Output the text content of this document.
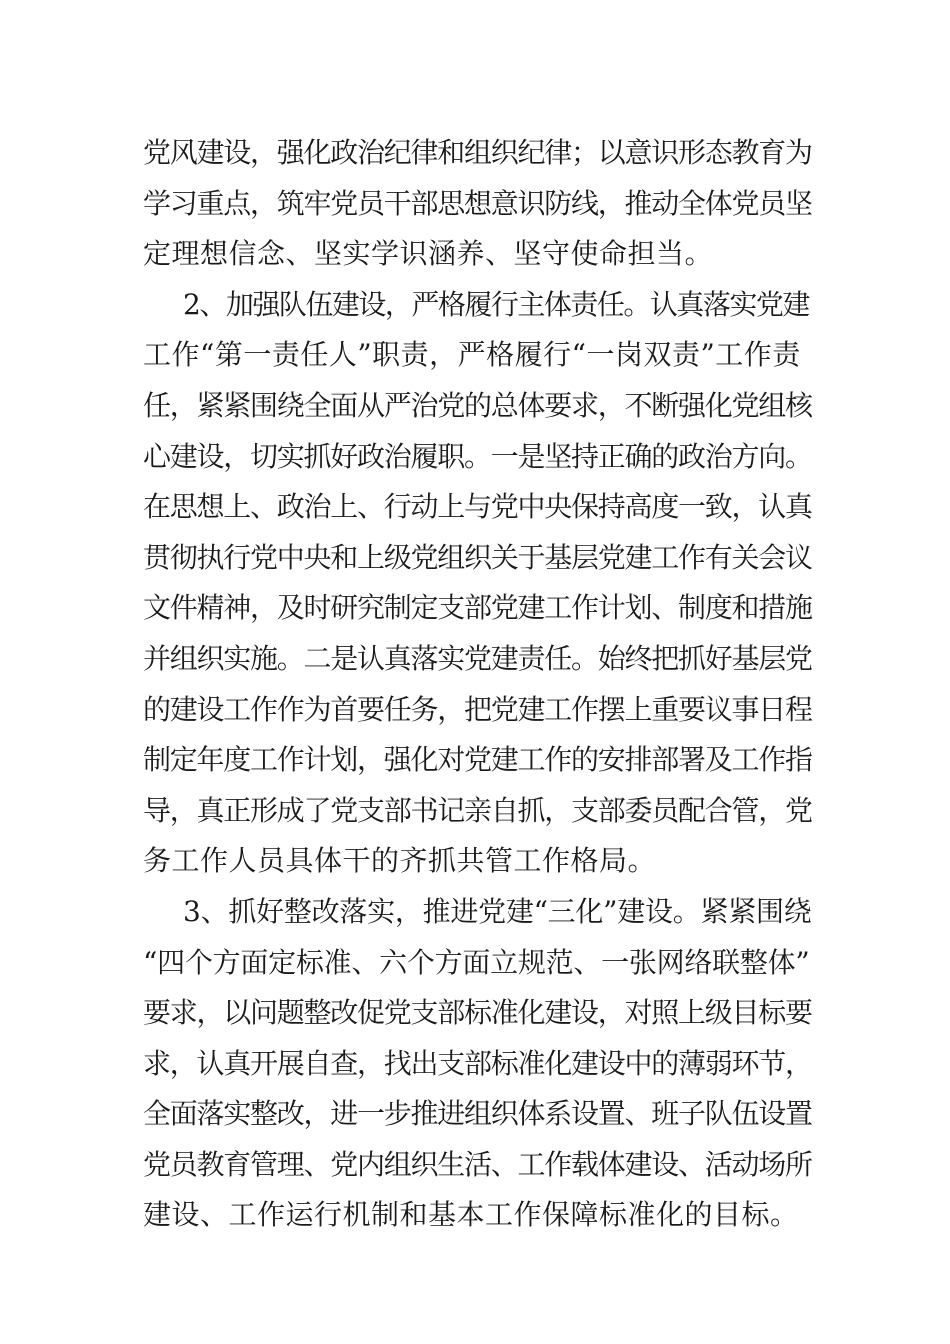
党风建设，强化政治纪律和组织纪律；以意识形态教育为
学习重点，筑牢党员干部思想意识防线，推动全体党员坚
定理想信念、坚实学识涵养、坚守使命担当。
2、加强队伍建设，严格履行主体责任。认真落实党建
工作“第一责任人”职责，严格履行“一岗双责”工作责
任，紧紧围绕全面从严治党的总体要求，不断强化党组核
心建设，切实抓好政治履职。一是坚持正确的政治方向。
在思想上、政治上、行动上与党中央保持高度一致，认真
贯彻执行党中央和上级党组织关于基层党建工作有关会议
文件精神，及时研究制定支部党建工作计划、制度和措施
并组织实施。二是认真落实党建责任。始终把抓好基层党
的建设工作作为首要任务，把党建工作摆上重要议事日程
制定年度工作计划，强化对党建工作的安排部署及工作指
导，真正形成了党支部书记亲自抓，支部委员配合管，党
务工作人员具体干的齐抓共管工作格局。
3、抓好整改落实，推进党建“三化”建设。紧紧围绕
“四个方面定标准、六个方面立规范、一张网络联整体”
要求，以问题整改促党支部标准化建设，对照上级目标要
求，认真开展自查，找出支部标准化建设中的薄弱环节，
全面落实整改，进一步推进组织体系设置、班子队伍设置
党员教育管理、党内组织生活、工作载体建设、活动场所
建设、工作运行机制和基本工作保障标准化的目标。
